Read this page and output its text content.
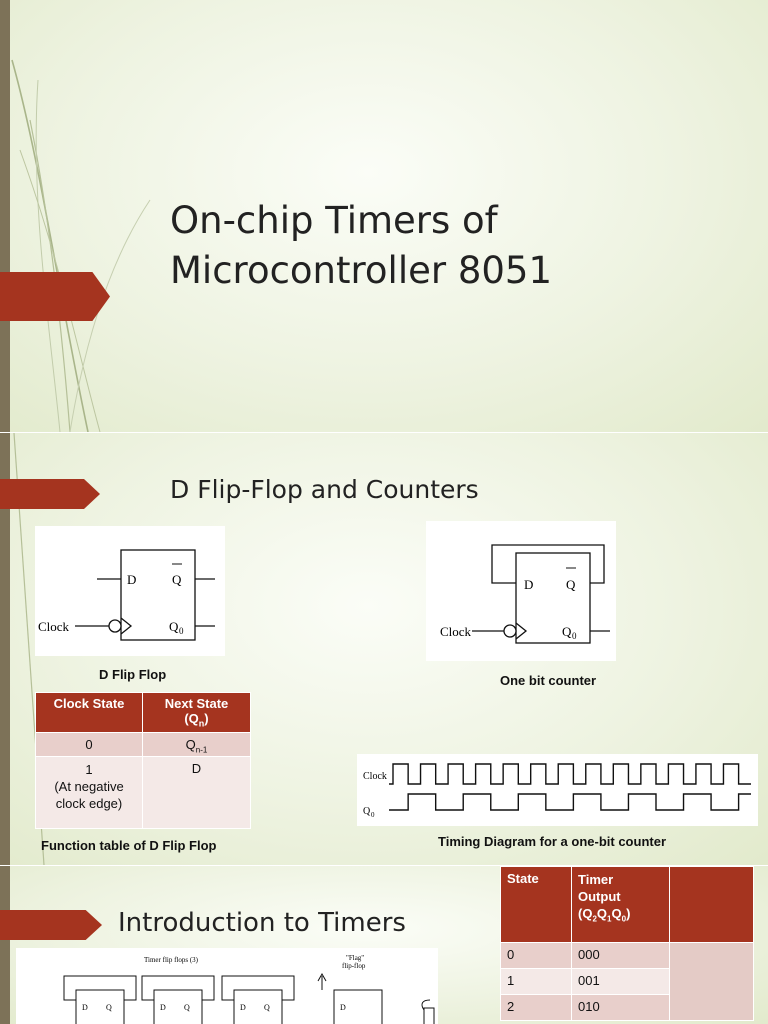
On-chip Timers of
Microcontroller 8051
D Flip-Flop and Counters
D	Q
Q 0
Clock
D Flip Flop
D	Q
Q 0
Clock
One bit counter
Clock State	Next State
$(Q_n)$

0	$Q_{n-1}$

1
(At negative
clock edge)	D
Function table of D Flip Flop
Clock
Q 0
Timing Diagram for a one-bit counter
Introduction to Timers
Timer flip flops (3)	"Flag"
flip-flop
D Q	D Q	D Q	D
State	Timer
Output
$(Q_2Q_1Q_0)$	

0	000	
1	001	
2	010	
